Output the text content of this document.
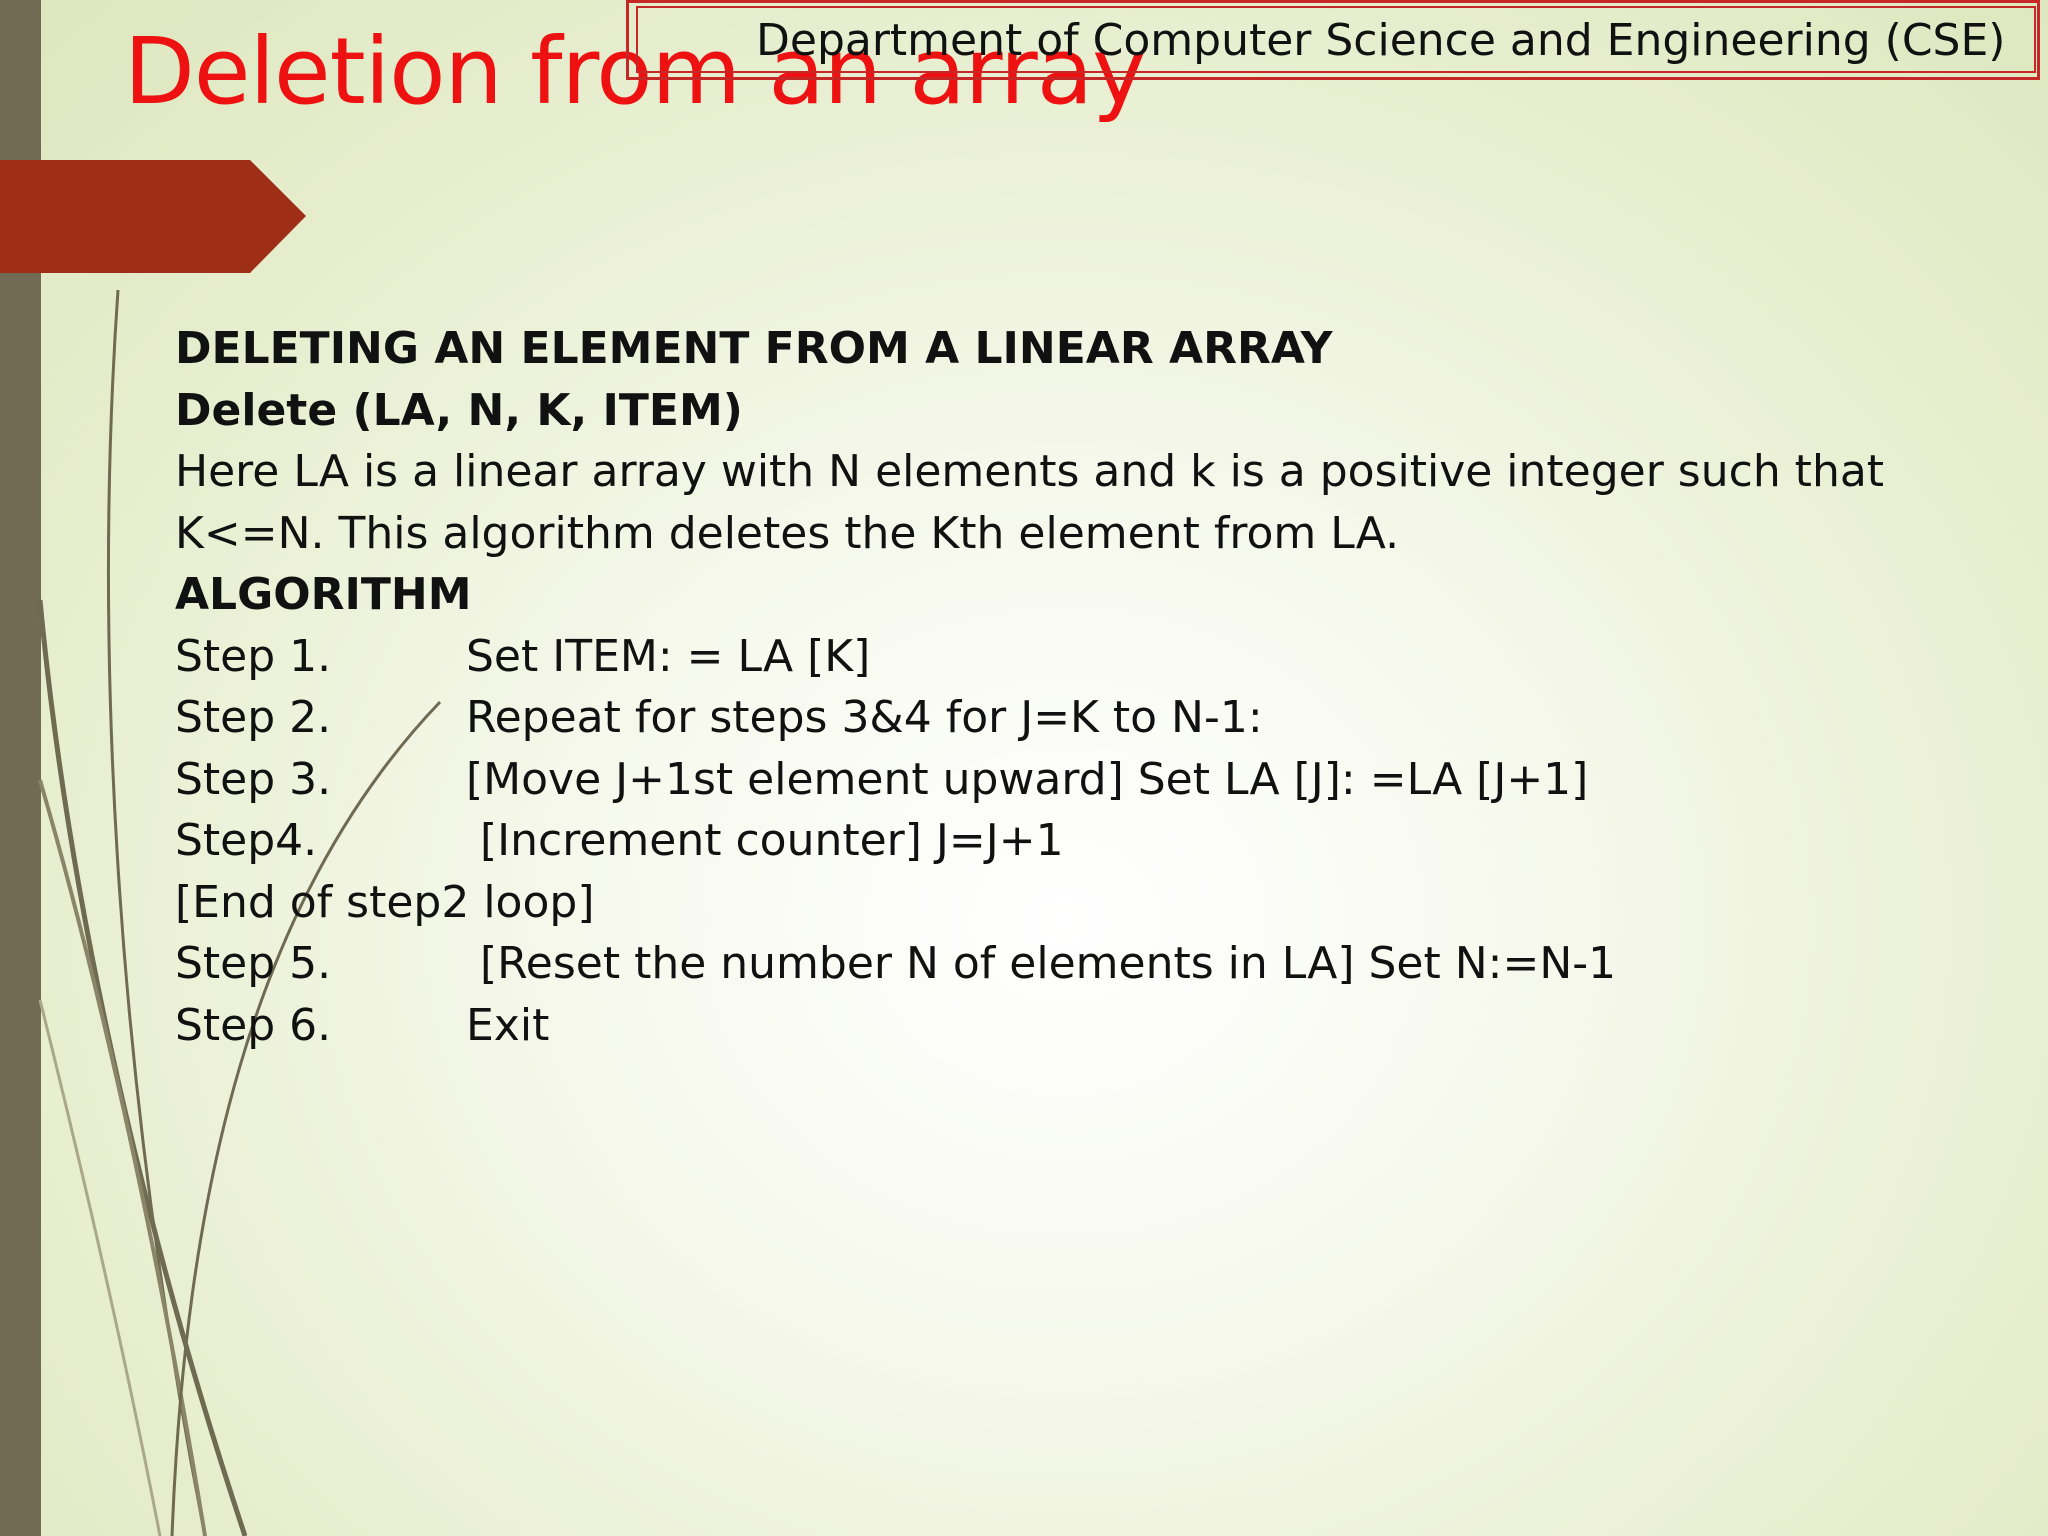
Deletion from an array
Department of Computer Science and Engineering (CSE)
DELETING AN ELEMENT FROM A LINEAR ARRAY
Delete (LA, N, K, ITEM)
Here LA is a linear array with N elements and k is a positive integer such that
K<=N. This algorithm deletes the Kth element from LA.
ALGORITHM
Step 1.	Set ITEM: = LA [K]
Step 2.	Repeat for steps 3&4 for J=K to N-1:
Step 3.	[Move J+1st element upward] Set LA [J]: =LA [J+1]
Step4.	[Increment counter] J=J+1
[End of step2 loop]
Step 5.	[Reset the number N of elements in LA] Set N:=N-1
Step 6.	Exit
